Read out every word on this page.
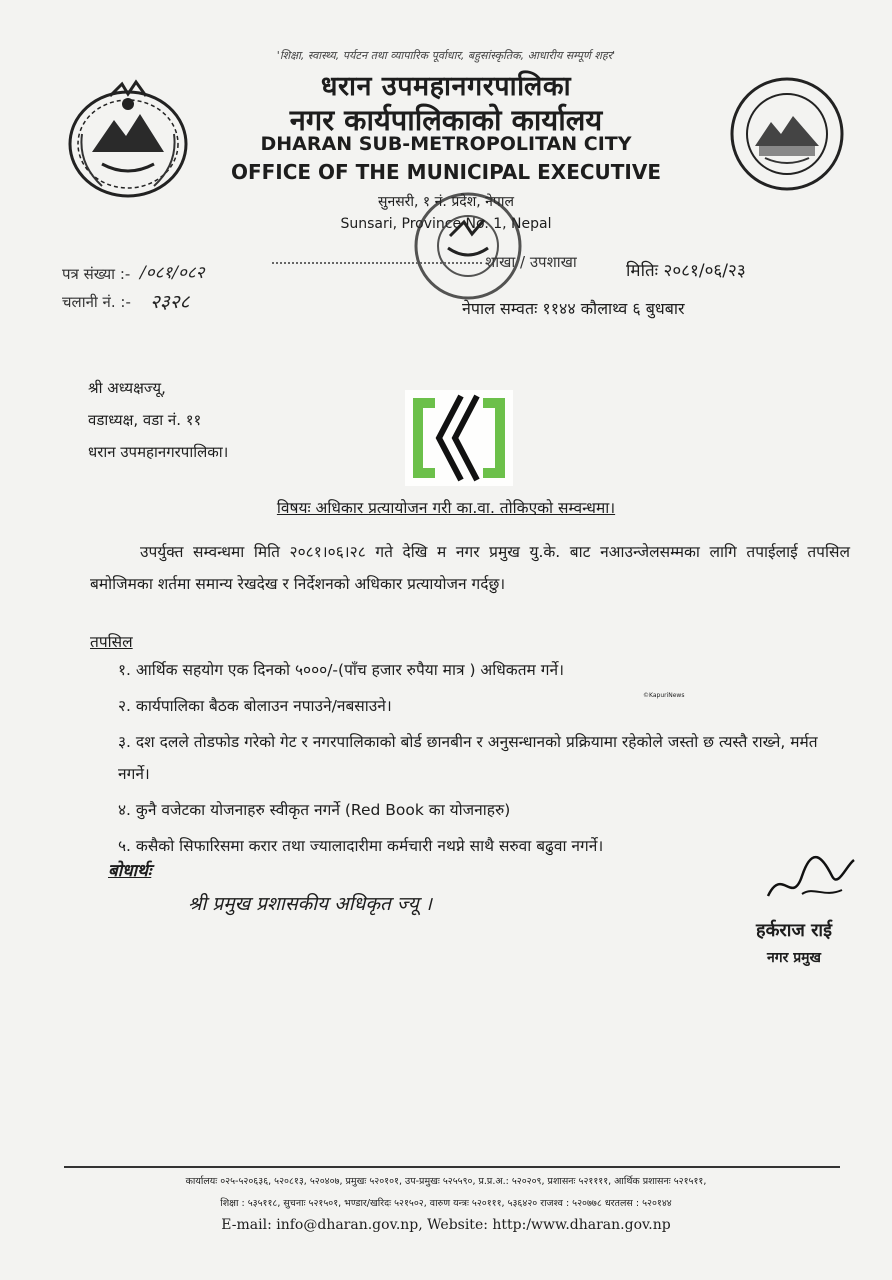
'शिक्षा, स्वास्थ्य, पर्यटन तथा व्यापारिक पूर्वाधार, बहुसांस्कृतिक, आधारीय सम्पूर्ण शहर'
धरान उपमहानगरपालिका
नगर कार्यपालिकाको कार्यालय
DHARAN SUB-METROPOLITAN CITY
OFFICE OF THE MUNICIPAL EXECUTIVE
सुनसरी, १ नं. प्रदेश, नेपाल
Sunsari, Province No. 1, Nepal
पत्र संख्या :- /०८१/०८२
चलानी नं. :- २३२८
शाखा / उपशाखा	मितिः २०८१/०६/२३
नेपाल सम्वतः ११४४ कौलाथ्व ६ बुधबार
श्री अध्यक्षज्यू,
वडाध्यक्ष, वडा नं. ११
धरान उपमहानगरपालिका।
विषयः अधिकार प्रत्यायोजन गरी का.वा. तोकिएको सम्वन्धमा।
उपर्युक्त सम्वन्धमा मिति २०८१।०६।२८ गते देखि म नगर प्रमुख यु.के. बाट नआउन्जेलसम्मका लागि तपाईलाई तपसिल बमोजिमका शर्तमा समान्य रेखदेख र निर्देशनको अधिकार प्रत्यायोजन गर्दछु।
तपसिल
१. आर्थिक सहयोग एक दिनको ५०००/-(पाँच हजार रुपैया मात्र ) अधिकतम गर्ने।
२. कार्यपालिका बैठक बोलाउन नपाउने/नबसाउने।
३. दश दलले तोडफोड गरेको गेट र नगरपालिकाको बोर्ड छानबीन र अनुसन्धानको प्रक्रियामा रहेकोले जस्तो छ त्यस्तै राख्ने, मर्मत नगर्ने।
४. कुनै वजेटका योजनाहरु स्वीकृत नगर्ने (Red Book का योजनाहरु)
५. कसैको सिफारिसमा करार तथा ज्यालादारीमा कर्मचारी नथप्ने साथै सरुवा बढुवा नगर्ने।
©KapuriNews
बोधार्थः
श्री प्रमुख प्रशासकीय अधिकृत ज्यू ।
हर्कराज राई
नगर प्रमुख
कार्यालयः ०२५-५२०६३६, ५२०८१३, ५२०४०७, प्रमुखः ५२०१०१, उप-प्रमुखः ५२५५९०, प्र.प्र.अ.: ५२०२०९, प्रशासनः ५२११११, आर्थिक प्रशासनः ५२१५११,
शिक्षा : ५३५११८, सुचनाः ५२१५०१, भण्डार/खरिदः ५२१५०२, वारुण यन्त्रः ५२०१११, ५३६४२० राजश्व : ५२०७७८ धरतलस : ५२०१४४
E-mail: info@dharan.gov.np, Website: http:/www.dharan.gov.np
